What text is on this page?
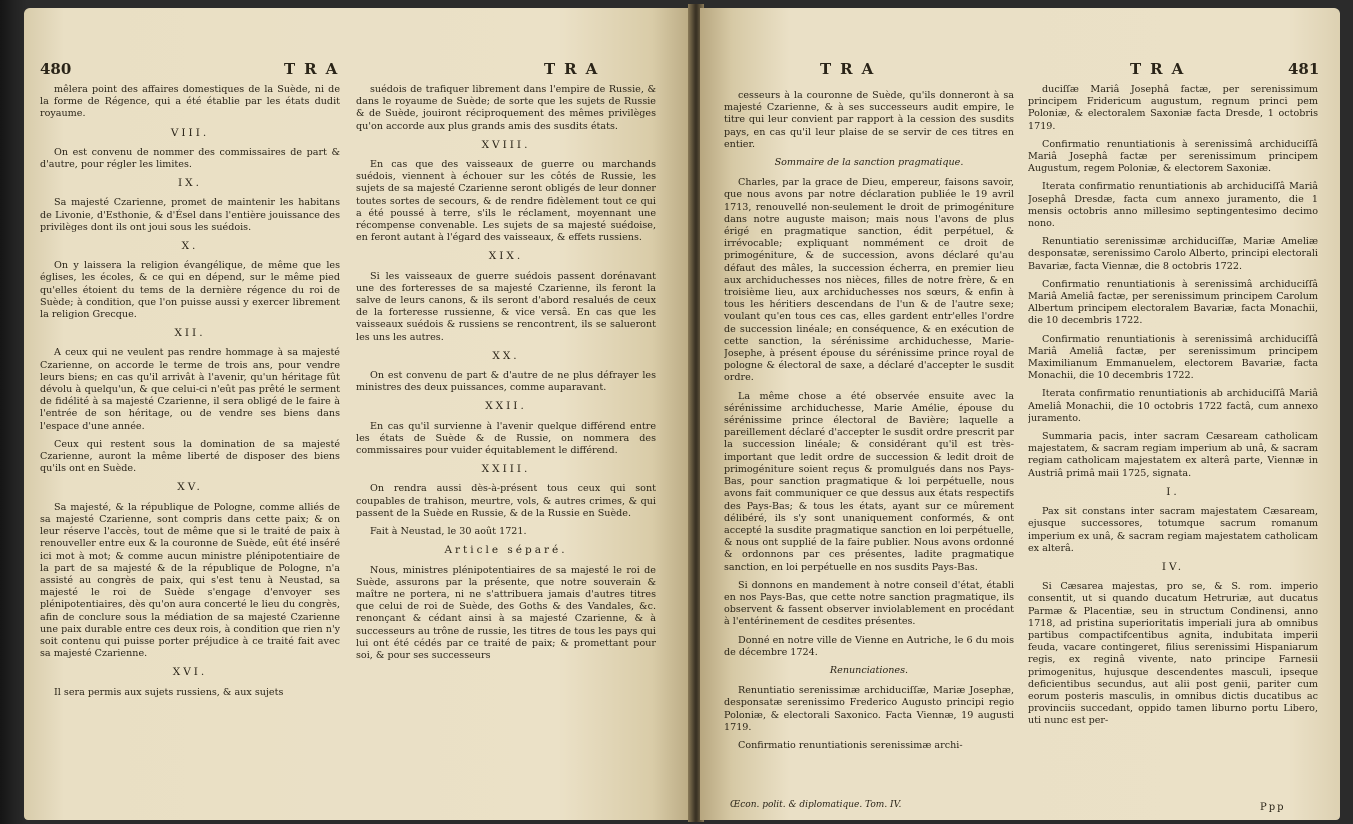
480	TRA	TRA
mêlera point des affaires domestiques de la Suède, ni de la forme de Régence, qui a été établie par les états dudit royaume.
VIII.
On est convenu de nommer des commissaires de part & d'autre, pour régler les limites.
IX.
Sa majesté Czarienne, promet de maintenir les habitans de Livonie, d'Esthonie, & d'Ésel dans l'entière jouissance des privilèges dont ils ont joui sous les suédois.
X.
On y laissera la religion évangélique, de même que les églises, les écoles, & ce qui en dépend, sur le même pied qu'elles étoient du tems de la dernière régence du roi de Suède; à condition, que l'on puisse aussi y exercer librement la religion Grecque.
XII.
A ceux qui ne veulent pas rendre hommage à sa majesté Czarienne, on accorde le terme de trois ans, pour vendre leurs biens; en cas qu'il arrivât à l'avenir, qu'un héritage fût dévolu à quelqu'un, & que celui-ci n'eût pas prêté le serment de fidélité à sa majesté Czarienne, il sera obligé de le faire à l'entrée de son héritage, ou de vendre ses biens dans l'espace d'une année.
Ceux qui restent sous la domination de sa majesté Czarienne, auront la même liberté de disposer des biens qu'ils ont en Suède.
XV.
Sa majesté, & la république de Pologne, comme alliés de sa majesté Czarienne, sont compris dans cette paix; & on leur réserve l'accès, tout de même que si le traité de paix à renouveller entre eux & la couronne de Suède, eût été inséré ici mot à mot; & comme aucun ministre plénipotentiaire de la part de sa majesté & de la république de Pologne, n'a assisté au congrès de paix, qui s'est tenu à Neustad, sa majesté le roi de Suède s'engage d'envoyer ses plénipotentiaires, dès qu'on aura concerté le lieu du congrès, afin de conclure sous la médiation de sa majesté Czarienne une paix durable entre ces deux rois, à condition que rien n'y soit contenu qui puisse porter préjudice à ce traité fait avec sa majesté Czarienne.
XVI.
Il sera permis aux sujets russiens, & aux sujets
suédois de trafiquer librement dans l'empire de Russie, & dans le royaume de Suède; de sorte que les sujets de Russie & de Suède, jouiront réciproquement des mêmes privilèges qu'on accorde aux plus grands amis des susdits états.
XVIII.
En cas que des vaisseaux de guerre ou marchands suédois, viennent à échouer sur les côtés de Russie, les sujets de sa majesté Czarienne seront obligés de leur donner toutes sortes de secours, & de rendre fidèlement tout ce qui a été poussé à terre, s'ils le réclament, moyennant une récompense convenable. Les sujets de sa majesté suédoise, en feront autant à l'égard des vaisseaux, & effets russiens.
XIX.
Si les vaisseaux de guerre suédois passent dorénavant une des forteresses de sa majesté Czarienne, ils feront la salve de leurs canons, & ils seront d'abord resalués de ceux de la forteresse russienne, & vice versâ. En cas que les vaisseaux suédois & russiens se rencontrent, ils se salueront les uns les autres.
XX.
On est convenu de part & d'autre de ne plus défrayer les ministres des deux puissances, comme auparavant.
XXII.
En cas qu'il survienne à l'avenir quelque différend entre les états de Suède & de Russie, on nommera des commissaires pour vuider équitablement le différend.
XXIII.
On rendra aussi dès-à-présent tous ceux qui sont coupables de trahison, meurtre, vols, & autres crimes, & qui passent de la Suède en Russie, & de la Russie en Suède.
Fait à Neustad, le 30 août 1721.
Article séparé.
Nous, ministres plénipotentiaires de sa majesté le roi de Suède, assurons par la présente, que notre souverain & maître ne portera, ni ne s'attribuera jamais d'autres titres que celui de roi de Suède, des Goths & des Vandales, &c. renonçant & cédant ainsi à sa majesté Czarienne, & à successeurs au trône de russie, les titres de tous les pays qui lui ont été cédés par ce traité de paix; & promettant pour soi, & pour ses successeurs
TRA	TRA	481
cesseurs à la couronne de Suède, qu'ils donneront à sa majesté Czarienne, & à ses successeurs audit empire, le titre qui leur convient par rapport à la cession des susdits pays, en cas qu'il leur plaise de se servir de ces titres en entier.
Sommaire de la sanction pragmatique.
Charles, par la grace de Dieu, empereur, faisons savoir, que nous avons par notre déclaration publiée le 19 avril 1713, renouvellé non-seulement le droit de primogéniture dans notre auguste maison; mais nous l'avons de plus érigé en pragmatique sanction, édit perpétuel, & irrévocable; expliquant nommément ce droit de primogéniture, & de succession, avons déclaré qu'au défaut des mâles, la succession écherra, en premier lieu aux archiduchesses nos nièces, filles de notre frère, & en troisième lieu, aux archiduchesses nos sœurs, & enfin à tous les héritiers descendans de l'un & de l'autre sexe; voulant qu'en tous ces cas, elles gardent entr'elles l'ordre de succession linéale; en conséquence, & en exécution de cette sanction, la sérénissime archiduchesse, Marie-Josephe, à présent épouse du sérénissime prince royal de pologne & électoral de saxe, a déclaré d'accepter le susdit ordre.
La même chose a été observée ensuite avec la sérénissime archiduchesse, Marie Amélie, épouse du sérénissime prince électoral de Bavière; laquelle a pareillement déclaré d'accepter le susdit ordre prescrit par la succession linéale; & considérant qu'il est très-important que ledit ordre de succession & ledit droit de primogéniture soient reçus & promulgués dans nos Pays-Bas, pour sanction pragmatique & loi perpétuelle, nous avons fait communiquer ce que dessus aux états respectifs des Pays-Bas; & tous les états, ayant sur ce mûrement délibéré, ils s'y sont unaniquement conformés, & ont accepté la susdite pragmatique sanction en loi perpétuelle, & nous ont supplié de la faire publier. Nous avons ordonné & ordonnons par ces présentes, ladite pragmatique sanction, en loi perpétuelle en nos susdits Pays-Bas.
Si donnons en mandement à notre conseil d'état, établi en nos Pays-Bas, que cette notre sanction pragmatique, ils observent & fassent observer inviolablement en procédant à l'entérinement de cesdites présentes.
Donné en notre ville de Vienne en Autriche, le 6 du mois de décembre 1724.
Renunciationes.
Renuntiatio serenissimæ archiduciſſæ, Mariæ Josephæ, desponsatæ serenissimo Frederico Augusto principi regio Poloniæ, & electorali Saxonico. Facta Viennæ, 19 augusti 1719.
Confirmatio renuntiationis serenissimæ archi-
duciſſæ Mariâ Josephâ factæ, per serenissimum principem Fridericum augustum, regnum princi pem Poloniæ, & electoralem Saxoniæ facta Dresde, 1 octobris 1719.
Confirmatio renuntiationis à serenissimâ archiduciſſâ Mariâ Josephâ factæ per serenissimum principem Augustum, regem Poloniæ, & electorem Saxoniæ.
Iterata confirmatio renuntiationis ab archiduciſſâ Mariâ Josephâ Dresdæ, facta cum annexo juramento, die 1 mensis octobris anno millesimo septingentesimo decimo nono.
Renuntiatio serenissimæ archiduciſſæ, Mariæ Ameliæ desponsatæ, serenissimo Carolo Alberto, principi electorali Bavariæ, facta Viennæ, die 8 octobris 1722.
Confirmatio renuntiationis à serenissimâ archiduciſſâ Mariâ Ameliâ factæ, per serenissimum principem Carolum Albertum principem electoralem Bavariæ, facta Monachii, die 10 decembris 1722.
Confirmatio renuntiationis à serenissimâ archiduciſſâ Mariâ Ameliâ factæ, per serenissimum principem Maximilianum Emmanuelem, electorem Bavariæ, facta Monachii, die 10 decembris 1722.
Iterata confirmatio renuntiationis ab archiduciſſâ Mariâ Ameliâ Monachii, die 10 octobris 1722 factâ, cum annexo juramento.
Summaria pacis, inter sacram Cæsaream catholicam majestatem, & sacram regiam imperium ab unâ, & sacram regiam catholicam majestatem ex alterâ parte, Viennæ in Austriâ primâ maii 1725, signata.
I.
Pax sit constans inter sacram majestatem Cæsaream, ejusque successores, totumque sacrum romanum imperium ex unâ, & sacram regiam majestatem catholicam ex alterâ.
IV.
Si Cæsarea majestas, pro se, & S. rom. imperio consentit, ut si quando ducatum Hetruriæ, aut ducatus Parmæ & Placentiæ, seu in structum Condinensi, anno 1718, ad pristina superioritatis imperiali jura ab omnibus partibus compactifcentibus agnita, indubitata imperii feuda, vacare contingeret, filius serenissimi Hispaniarum regis, ex reginâ vivente, nato principe Farnesii primogenitus, hujusque descendentes masculi, ipseque deficientibus secundus, aut alii post genii, pariter cum eorum posteris masculis, in omnibus dictis ducatibus ac provinciis succedant, oppido tamen liburno portu Libero, uti nunc est per-
Œcon. polit. & diplomatique. Tom. IV.	Ppp
